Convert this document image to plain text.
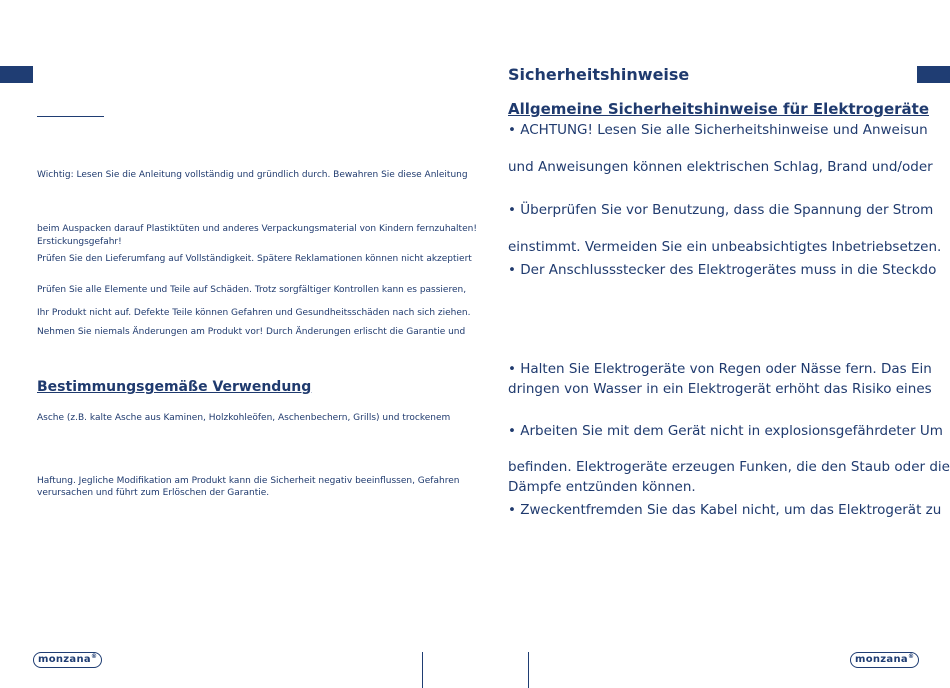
Wichtig: Lesen Sie die Anleitung vollständig und gründlich durch. Bewahren Sie diese Anleitung
beim Auspacken darauf Plastiktüten und anderes Verpackungsmaterial von Kindern fernzuhalten!
Erstickungsgefahr!
Prüfen Sie den Lieferumfang auf Vollständigkeit. Spätere Reklamationen können nicht akzeptiert
Prüfen Sie alle Elemente und Teile auf Schäden. Trotz sorgfältiger Kontrollen kann es passieren,
Ihr Produkt nicht auf. Defekte Teile können Gefahren und Gesundheitsschäden nach sich ziehen.
Nehmen Sie niemals Änderungen am Produkt vor! Durch Änderungen erlischt die Garantie und
Bestimmungsgemäße Verwendung
Asche (z.B. kalte Asche aus Kaminen, Holzkohleöfen, Aschenbechern, Grills) und trockenem
Haftung. Jegliche Modifikation am Produkt kann die Sicherheit negativ beeinflussen, Gefahren
verursachen und führt zum Erlöschen der Garantie.
monzana®
Sicherheitshinweise
Allgemeine Sicherheitshinweise für Elektrogeräte
• ACHTUNG! Lesen Sie alle Sicherheitshinweise und Anweisun
und Anweisungen können elektrischen Schlag, Brand und/oder
• Überprüfen Sie vor Benutzung, dass die Spannung der Strom
einstimmt. Vermeiden Sie ein unbeabsichtigtes Inbetriebsetzen.
• Der Anschlussstecker des Elektrogerätes muss in die Steckdo
• Halten Sie Elektrogeräte von Regen oder Nässe fern. Das Ein
dringen von Wasser in ein Elektrogerät erhöht das Risiko eines
• Arbeiten Sie mit dem Gerät nicht in explosionsgefährdeter Um
befinden. Elektrogeräte erzeugen Funken, die den Staub oder die
Dämpfe entzünden können.
• Zweckentfremden Sie das Kabel nicht, um das Elektrogerät zu
monzana®
